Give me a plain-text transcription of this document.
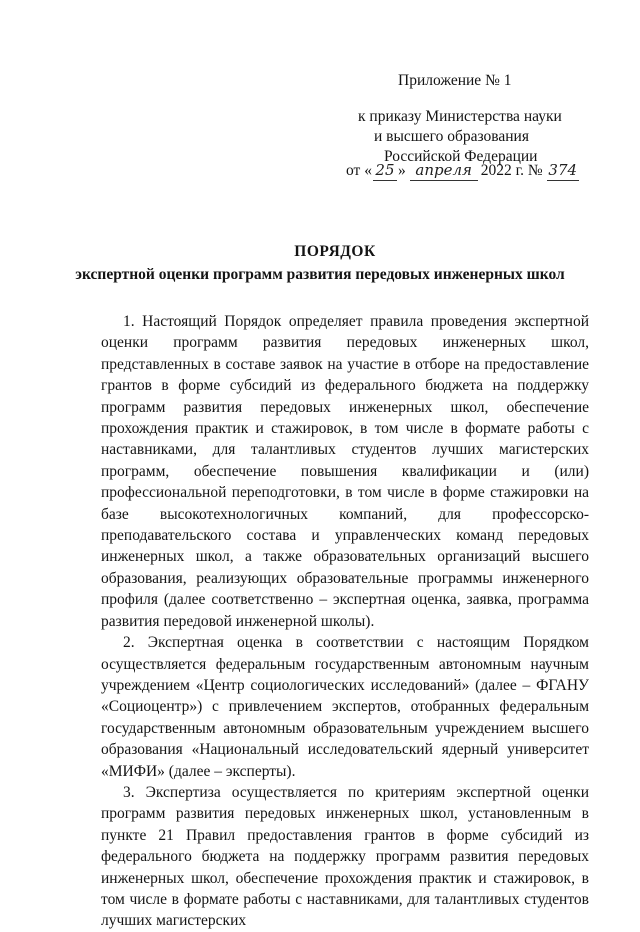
Приложение № 1
к приказу Министерства науки
и высшего образования
Российской Федерации
от « 25 » апреля 2022 г. № 374
ПОРЯДОК
экспертной оценки программ развития передовых инженерных школ

1. Настоящий Порядок определяет правила проведения экспертной оценки программ развития передовых инженерных школ, представленных в составе заявок на участие в отборе на предоставление грантов в форме субсидий из федерального бюджета на поддержку программ развития передовых инженерных школ, обеспечение прохождения практик и стажировок, в том числе в формате работы с наставниками, для талантливых студентов лучших магистерских программ, обеспечение повышения квалификации и (или) профессиональной переподготовки, в том числе в форме стажировки на базе высокотехнологичных компаний, для профессорско-преподавательского состава и управленческих команд передовых инженерных школ, а также образовательных организаций высшего образования, реализующих образовательные программы инженерного профиля (далее соответственно – экспертная оценка, заявка, программа развития передовой инженерной школы).

2. Экспертная оценка в соответствии с настоящим Порядком осуществляется федеральным государственным автономным научным учреждением «Центр социологических исследований» (далее – ФГАНУ «Социоцентр») с привлечением экспертов, отобранных федеральным государственным автономным образовательным учреждением высшего образования «Национальный исследовательский ядерный университет «МИФИ» (далее – эксперты).

3. Экспертиза осуществляется по критериям экспертной оценки программ развития передовых инженерных школ, установленным в пункте 21 Правил предоставления грантов в форме субсидий из федерального бюджета на поддержку программ развития передовых инженерных школ, обеспечение прохождения практик и стажировок, в том числе в формате работы с наставниками, для талантливых студентов лучших магистерских
